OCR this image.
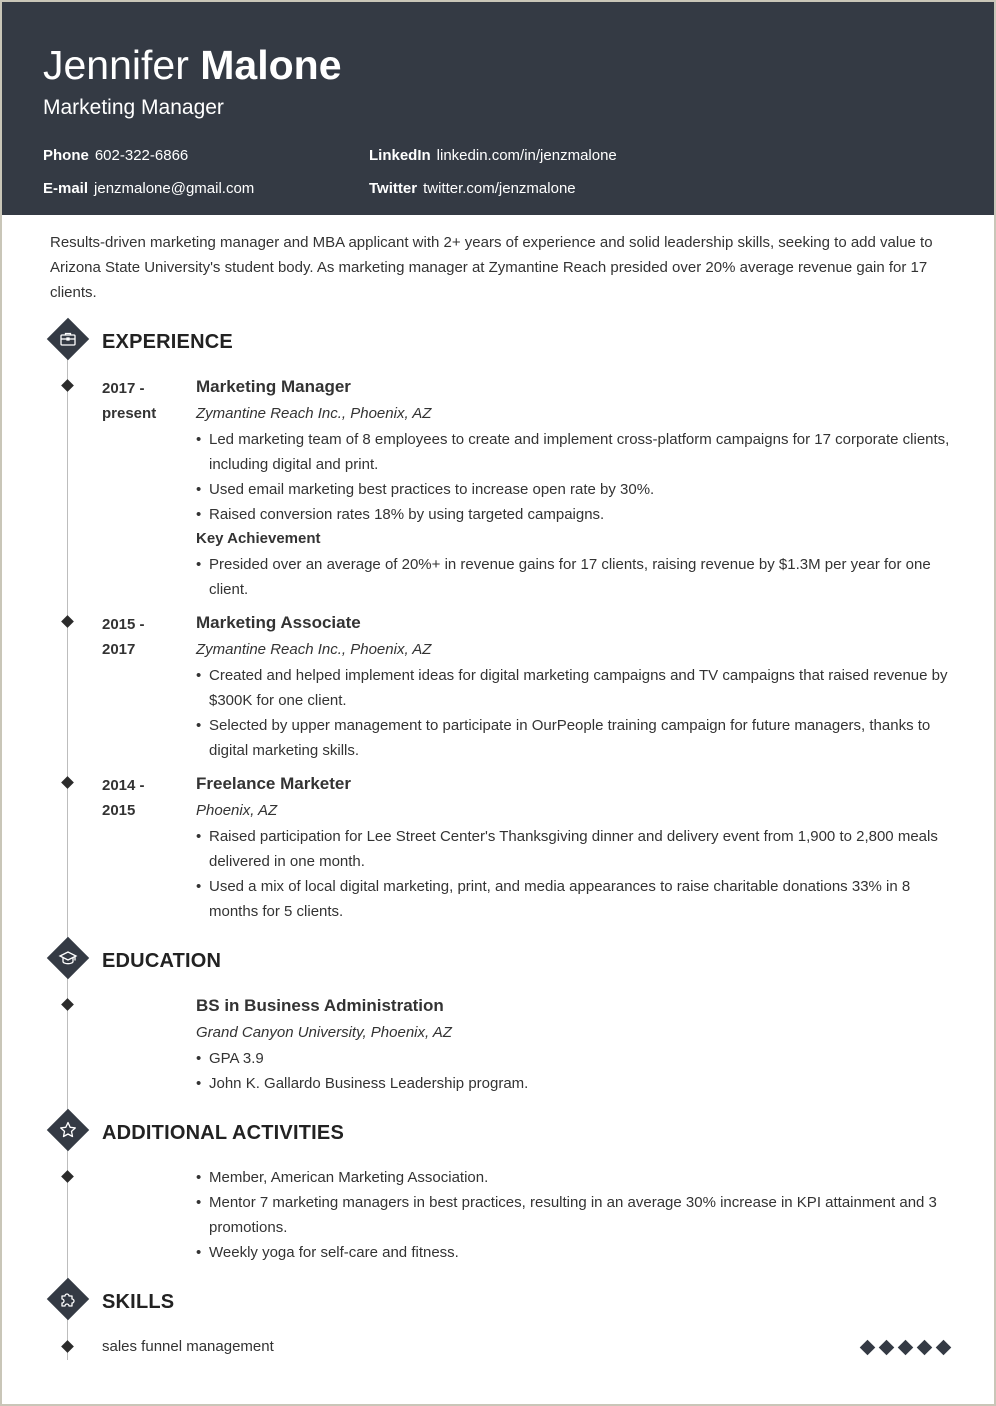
Jennifer Malone
Marketing Manager
Phone 602-322-6866	LinkedIn linkedin.com/in/jenzmalone
E-mail jenzmalone@gmail.com	Twitter twitter.com/jenzmalone

Results-driven marketing manager and MBA applicant with 2+ years of experience and solid leadership skills, seeking to add value to Arizona State University's student body. As marketing manager at Zymantine Reach presided over 20% average revenue gain for 17 clients.

EXPERIENCE
2017 -
present
Marketing Manager
Zymantine Reach Inc., Phoenix, AZ
• Led marketing team of 8 employees to create and implement cross-platform campaigns for 17 corporate clients, including digital and print.
• Used email marketing best practices to increase open rate by 30%.
• Raised conversion rates 18% by using targeted campaigns.
Key Achievement
• Presided over an average of 20%+ in revenue gains for 17 clients, raising revenue by $1.3M per year for one client.
2015 -
2017
Marketing Associate
Zymantine Reach Inc., Phoenix, AZ
• Created and helped implement ideas for digital marketing campaigns and TV campaigns that raised revenue by $300K for one client.
• Selected by upper management to participate in OurPeople training campaign for future managers, thanks to digital marketing skills.
2014 -
2015
Freelance Marketer
Phoenix, AZ
• Raised participation for Lee Street Center's Thanksgiving dinner and delivery event from 1,900 to 2,800 meals delivered in one month.
• Used a mix of local digital marketing, print, and media appearances to raise charitable donations 33% in 8 months for 5 clients.
EDUCATION
BS in Business Administration
Grand Canyon University, Phoenix, AZ
• GPA 3.9
• John K. Gallardo Business Leadership program.
ADDITIONAL ACTIVITIES
• Member, American Marketing Association.
• Mentor 7 marketing managers in best practices, resulting in an average 30% increase in KPI attainment and 3 promotions.
• Weekly yoga for self-care and fitness.
SKILLS
sales funnel management
